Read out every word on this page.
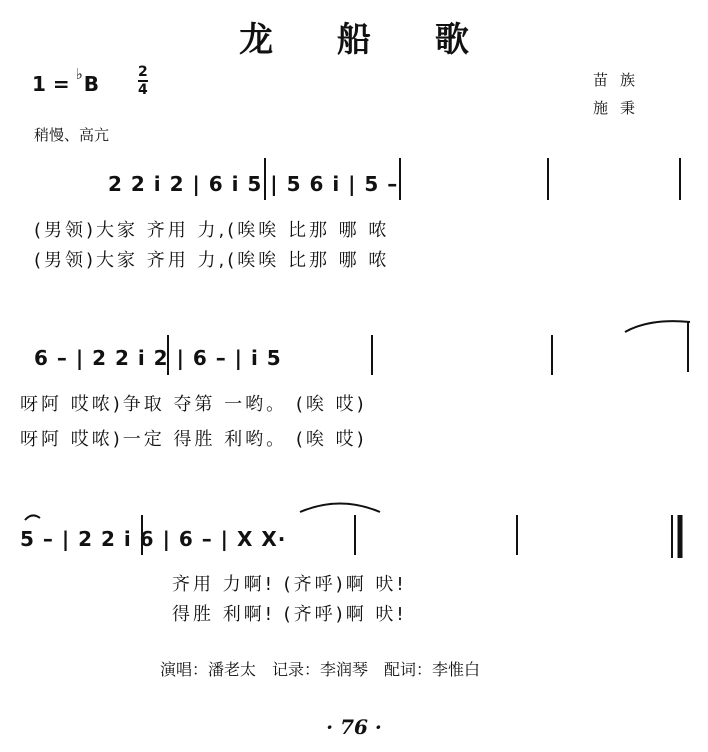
龙 船 歌
1 = ♭B	2
4
苗族
施秉
稍慢、高亢
2 2 i 2 | 6 i 5 | 5 6 i | 5 –
(男领)大家 齐用 力,(唉唉 比那 哪 哝
(男领)大家 齐用 力,(唉唉 比那 哪 哝
6 – | 2 2 i 2 | 6 – | i 5
呀阿 哎哝)争取 夺第 一哟。 (唉 哎)
呀阿 哎哝)一定 得胜 利哟。 (唉 哎)
5 – | 2 2 i 6 | 6 – | X X·
齐用 力啊! (齐呼)啊 吠!
得胜 利啊! (齐呼)啊 吠!
演唱：潘老太　记录：李润琴　配词：李惟白
· 76 ·
